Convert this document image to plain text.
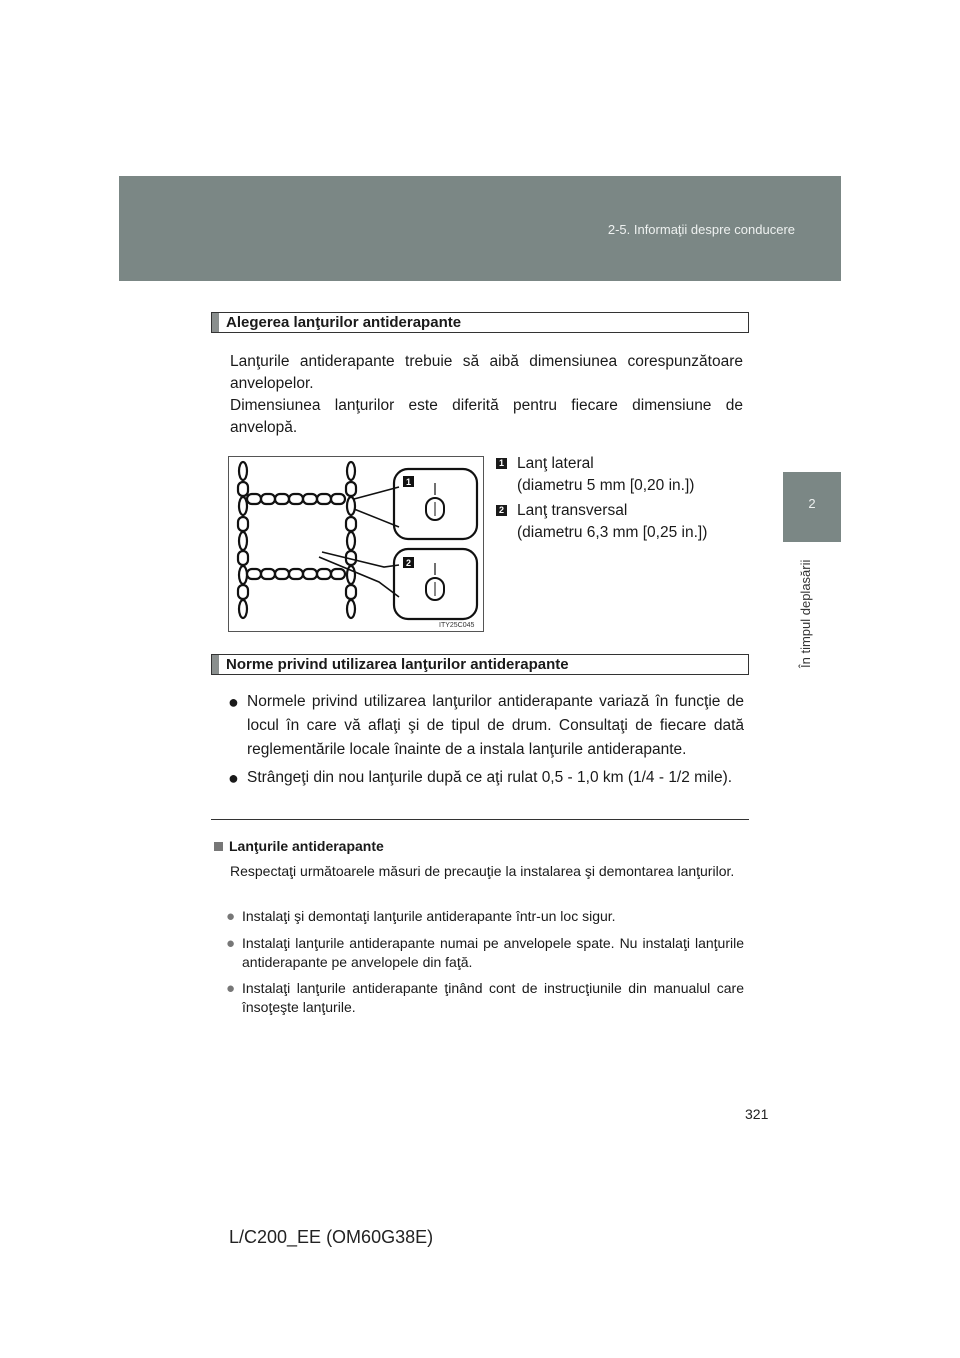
2-5. Informaţii despre conducere
2
În timpul deplasării
Alegerea lanţurilor antiderapante
Lanţurile antiderapante trebuie să aibă dimensiunea corespunzătoare anvelopelor.
Dimensiunea lanţurilor este diferită pentru fiecare dimensiune de anvelopă.
1
2
ITY25C045
1 Lanţ lateral
(diametru 5 mm [0,20 in.])
2 Lanţ transversal
(diametru 6,3 mm [0,25 in.])
Norme privind utilizarea lanţurilor antiderapante
● Normele privind utilizarea lanţurilor antiderapante variază în funcţie de locul în care vă aflaţi şi de tipul de drum. Consultaţi de fiecare dată reglementările locale înainte de a instala lanţurile antiderapante.
● Strângeţi din nou lanţurile după ce aţi rulat 0,5 - 1,0 km (1/4 - 1/2 mile).
Lanţurile antiderapante
Respectaţi următoarele măsuri de precauţie la instalarea şi demontarea lanţurilor.
● Instalaţi şi demontaţi lanţurile antiderapante într-un loc sigur.
● Instalaţi lanţurile antiderapante numai pe anvelopele spate. Nu instalaţi lanţurile antiderapante pe anvelopele din faţă.
● Instalaţi lanţurile antiderapante ţinând cont de instrucţiunile din manualul care însoţeşte lanţurile.
321
L/C200_EE (OM60G38E)
